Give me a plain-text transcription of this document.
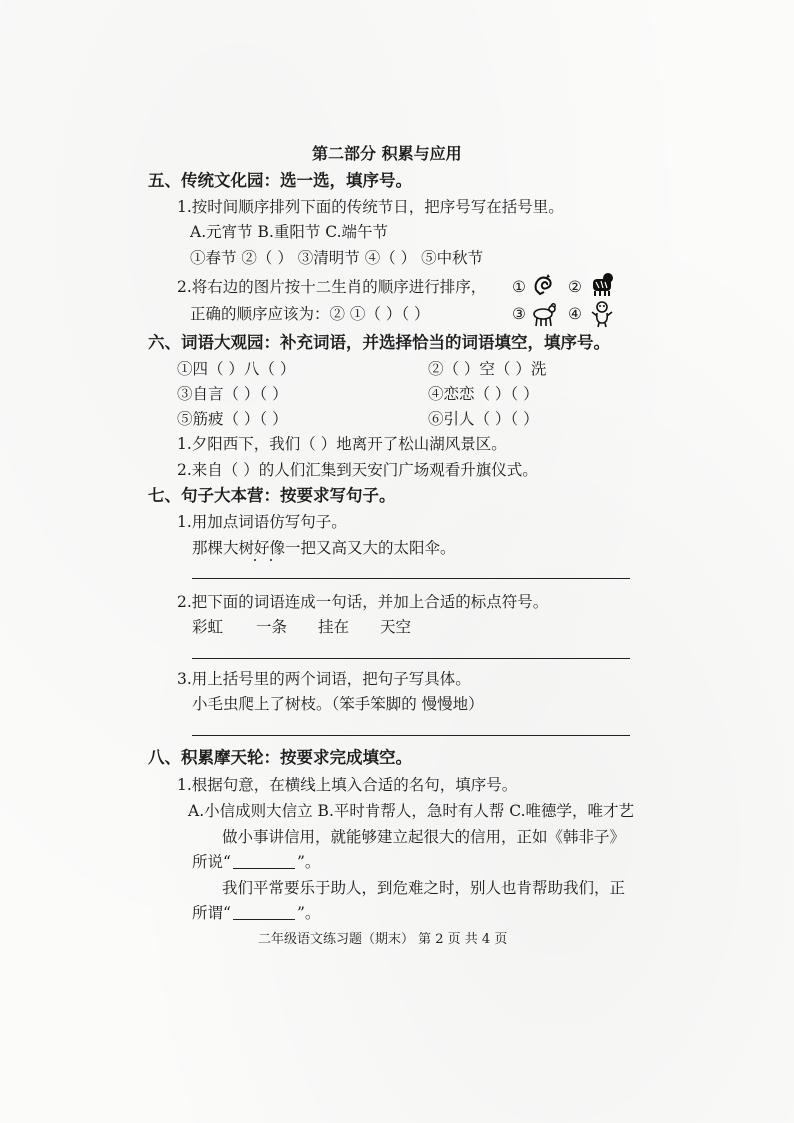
第二部分 积累与应用
五、传统文化园：选一选，填序号。
1.按时间顺序排列下面的传统节日，把序号写在括号里。
A.元宵节 B.重阳节 C.端午节
①春节 ②（ ） ③清明节 ④（ ） ⑤中秋节
2.将右边的图片按十二生肖的顺序进行排序，
正确的顺序应该为：② ①（ ）（ ）
①	②
③	④
六、词语大观园：补充词语，并选择恰当的词语填空，填序号。
①四（ ）八（ ）	②（ ）空（ ）洗
③自言（ ）（ ）	④恋恋（ ）（ ）
⑤筋疲（ ）（ ）	⑥引人（ ）（ ）
1.夕阳西下，我们（ ）地离开了松山湖风景区。
2.来自（ ）的人们汇集到天安门广场观看升旗仪式。
七、句子大本营：按要求写句子。
1.用加点词语仿写句子。
那棵大树好像一把又高又大的太阳伞。
2.把下面的词语连成一句话，并加上合适的标点符号。
彩虹 一条 挂在 天空
3.用上括号里的两个词语，把句子写具体。
小毛虫爬上了树枝。（笨手笨脚的 慢慢地）
八、积累摩天轮：按要求完成填空。
1.根据句意，在横线上填入合适的名句，填序号。
A.小信成则大信立 B.平时肯帮人，急时有人帮 C.唯德学，唯才艺
做小事讲信用，就能够建立起很大的信用，正如《韩非子》
所说“	”。
我们平常要乐于助人，到危难之时，别人也肯帮助我们，正
所谓“	”。
二年级语文练习题（期末） 第 2 页 共 4 页
